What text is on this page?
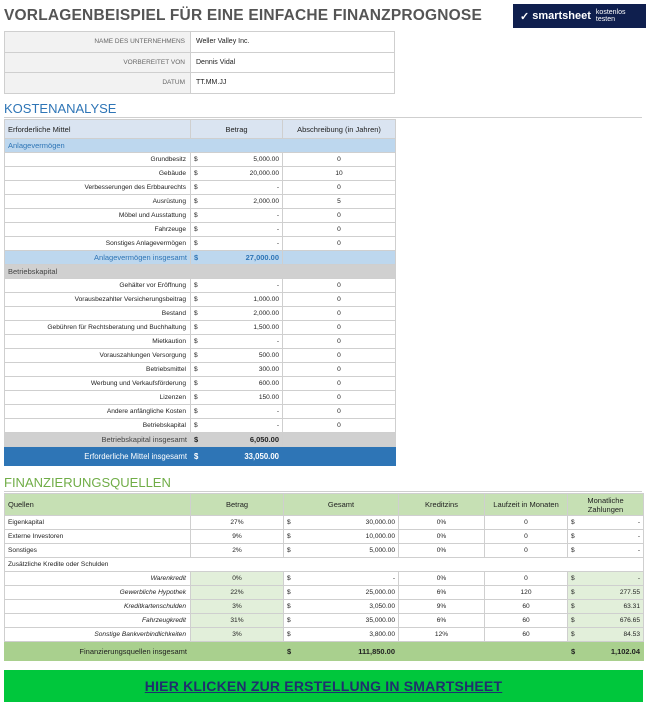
VORLAGENBEISPIEL FÜR EINE EINFACHE FINANZPROGNOSE	✓ smartsheet kostenlos testen
NAME DES UNTERNEHMENS	Weller Valley Inc.
VORBEREITET VON	Dennis Vidal
DATUM	TT.MM.JJ
KOSTENANALYSE
Erforderliche Mittel	Betrag		Abschreibung (in Jahren)
Anlagevermögen			
Grundbesitz	$	5,000.00	0
Gebäude	$	20,000.00	10
Verbesserungen des Erbbaurechts	$	-	0
Ausrüstung	$	2,000.00	5
Möbel und Ausstattung	$	-	0
Fahrzeuge	$	-	0
Sonstiges Anlagevermögen	$	-	0
Anlagevermögen insgesamt	$	27,000.00	
Betriebskapital			
Gehälter vor Eröffnung	$	-	0
Vorausbezahlter Versicherungsbeitrag	$	1,000.00	0
Bestand	$	2,000.00	0
Gebühren für Rechtsberatung und Buchhaltung	$	1,500.00	0
Mietkaution	$	-	0
Vorauszahlungen Versorgung	$	500.00	0
Betriebsmittel	$	300.00	0
Werbung und Verkaufsförderung	$	600.00	0
Lizenzen	$	150.00	0
Andere anfängliche Kosten	$	-	0
Betriebskapital	$	-	0
Betriebskapital insgesamt	$	6,050.00	
Erforderliche Mittel insgesamt	$	33,050.00	
FINANZIERUNGSQUELLEN
Quellen	Betrag	Gesamt		Kreditzins	Laufzeit in Monaten	Monatliche Zahlungen	
Eigenkapital	27%	$	30,000.00	0%	0	$	-
Externe Investoren	9%	$	10,000.00	0%	0	$	-
Sonstiges	2%	$	5,000.00	0%	0	$	-
Zusätzliche Kredite oder Schulden							
Warenkredit	0%	$	-	0%	0	$	-
Gewerbliche Hypothek	22%	$	25,000.00	6%	120	$	277.55
Kreditkartenschulden	3%	$	3,050.00	9%	60	$	63.31
Fahrzeugkredit	31%	$	35,000.00	6%	60	$	676.65
Sonstige Bankverbindlichkeiten	3%	$	3,800.00	12%	60	$	84.53
Finanzierungsquellen insgesamt		$	111,850.00			$	1,102.04
HIER KLICKEN ZUR ERSTELLUNG IN SMARTSHEET
